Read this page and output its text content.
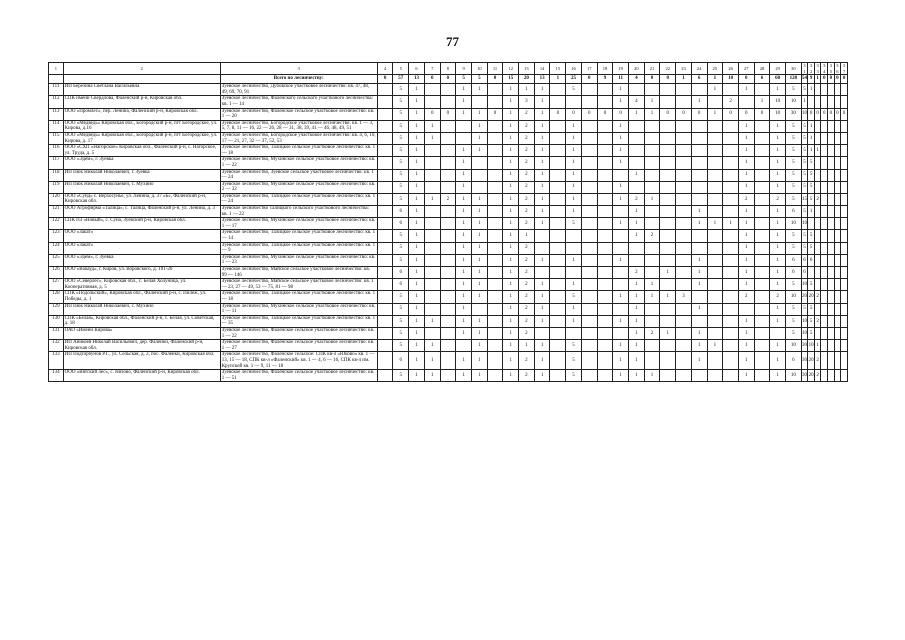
77
1	2	3	4	5	6	7	8	9	10	11	12	13	14	15	16	17	18	19	20	21	22	23	24	25	26	27	28	29	30	31	32	33	34	35	36	37
		Всего по лесничеству:	0	57	13	0	0	5	5	0	15	20	13	1	25	0	9	11	4	0	0	1	6	1	10	0	6	60	120	54	9	1	0	0	0	0
111	ИП Березина Светлана Васильевна	Зуевское лесничество, Дубовское участковое лесничество: кв. 47, 48, 49, 69, 70, 91		5	1			1	1		1	1	1		5			1						1		1		1	5	5	1					
112	СПК имени Свердлова, Фаленский р-н, Кировская обл.	Зуевское лесничество, Фаленского сельского участкового лесничества: кв. 1 — 14		5	1			1			1	3	1					1	4	1			1		2		1	10	10	1						
113	ООО «Промлес», пер. Ленина, Фаленский р-н, Кировская обл.	Зуевское лесничество, Фаленское сельское участковое лесничество: кв. 1 — 20		5	1	0	0	1	1	0	1	2	1	0	0	0	0	0	1	1	0	0	0	1	0	0	0	10	30	10	0	0	0	0	0	0
114	ООО «Медведь» Кировская обл., Богородский р-н, пгт Богородское, ул. Кирова, д.16	Зуевское лесничество, Богородское участковое лесничество: кв. 1 — 3, 5, 7, 8, 11 — 16, 22 — 26, 28 — 31, 38, 39, 41 — 46, 48, 49, 51		5	1	1			1		1	2	1		1			1								1		1	5	5	1					
115	ООО «Медведь» Кировская обл., Богородский р-н, пгт Богородское, ул. Кирова, д. 17	Зуевское лесничество, Богородское участковое лесничество: кв. 4, 6, 10, 17 — 21, 27, 32 — 37, 52, 53		5	1	1			1		1	2	1		1			1								1		1	5	5	1					
116	ООО «СХП «Нагорское» Кировская обл., Фаленский р-н, с. Нагорское, ул. Труда, д. 5	Зуевское лесничество, Талицкое сельское участковое лесничество: кв. 1 — 18		5	1			1	1		1	2	1		1			1								1		1	5	5	1	1				
117	ООО «Эдем», г. Зуевка	Зуевское лесничество, Мухинское сельское участковое лесничество: кв. 1 — 22		5	1			1			1	2	1		1			1								1		1	5	5	5					
118	ИП Пюк Николай Николаевич, г. Зуевка	Зуевское лесничество, Зуевское сельское участковое лесничество: кв. 1 — 24		5	1			1			1	2	1		1				1							1		1	5	5	5					
119	ИП Пюк Николай Николаевич, с. Мухино	Зуевское лесничество, Мухинское сельское участковое лесничество: кв. 2 — 32		5	1			1			1	2	1		1			1								1		1	5	5	5					
120	ООО «Сунд» с. Верхосунье, ул. Ленина, д. 37 «Б», Фаленский р-н, Кировская обл.	Зуевское лесничество, Талицкое сельское участковое лесничество: кв. 1 — 24		5	1	1	2	1	1		1	2	1		1			1	2	1						2		2	5	15	5	2				
121	ООО Агрофирма «Талица», с. Талица, Фаленский р-н, ул. Ленина, д. 3	Зуевское лесничество Талицкого сельского участкового лесничества: кв. 1 — 22		6	1			1	1		1	2	1		1				1				1			1		1	6	5	1					
122	СПК П3 «Новый», с. Суна, Зуевский р-н, Кировская обл.	Зуевское лесничество, Мухинское сельское участковое лесничество: кв. 1 — 17		6	1			1	1		1	2	1		5			1	1				1	1	1	1		1	10	10						
123	ООО «Закат»	Зуевское лесничество, Талицкое сельское участковое лесничество: кв. 1 — 14		5	1			1	1		1	1							1	2						1		1	5	5	5					
124	ООО «Закат»	Зуевское лесничество, Талицкое сельское участковое лесничество: кв. 1 — 9		5	1			1	1		1	2														1		1	5	5	5					
125	ООО «Эдем», г. Зуевка	Зуевское лесничество, Мухинское сельское участковое лесничество: кв. 1 — 23		5	1			1	1		1	2	1		1			1					1			1		1	6	6	6					
126	ООО «Вовауд», г. Киров, ул. Воровского, д. 101-20	Зуевское лесничество, Майское сельское участковое лесничество: кв. 99 — 146		6	1			1	1		1	2							2		1		1			1		1	6	6						
127	ООО «Северлес», Кировская обл., с. Белая Холуница, ул. Кооперативная, д. 5	Зуевское лесничество, Майское сельское участковое лесничество: кв. 1 — 23, 27 — 49, 53 — 75, 81 — 98		6	1			1	1		1	2	1		1				1	1			1			1		1	5	10	5					
128	СПК «Подольский», Кировская обл., Фаленский р-н, с. Пилеж, ул. Победы, д. 1	Зуевское лесничество, Талицкое сельское участковое лесничество: кв. 1 — 18		5	1			1	1		1	2	1		5			1	1	1	1	3				2		2	10	20	20	2				
129	ИП Пюк Николай Николаевич, с. Мухино	Зуевское лесничество, Мухинское сельское участковое лесничество: кв. 1 — 11		5	1			1			1	2	1		1				1				1					1	5	5	5					
130	СПК «Белая», Кировская обл., Фаленский р-н, с. Белая, ул. Советская, д. 18	Зуевское лесничество, Талицкое сельское участковое лесничество: кв. 1 — 35		5	1	1		1	1		1	2	1		1			1	1							1		1	5	10	5	2				
131	ОАО «Имени Кирова»	Зуевское лесничество, Фаленское сельское участковое лесничество: кв. 1 — 22		5	1			1	1		1	2							1	2	1		1			1			5	10	5					
132	ИП Аникеев Николай Васильевич, дер. Фалёнки, Фаленский р-н, Кировская обл.	Зуевское лесничество, Фаленское сельское участковое лесничество: кв. 1 — 27		5	1	1			1		1	1	1		5			1	1				1	1		1		1	10	30	10	1				
133	ИП Подгорбунов Р.Г., ул. Сельская, д. 2, пос. Фаленки, Кировская обл.	Зуевское лесничество, Фаленское сельское: СПК кв-л «Юково» кв. 1 — 13, 15 — 18, СПК кв-л «Фаленский» кв. 1 — 4, 6 — 16, СПК кв-л им. Крупской кв. 1 — 9, 11 — 18		6	1	1		1	1		1	2	1		5			1	1				1			1		1	6	30	20	2				
134	ООО «Вятский лес», с. Низово, Фаленский р-н, Кировская обл.	Зуевское лесничество, Фаленское сельское участковое лесничество: кв. 1 — 51		5	1	1		1	1		1	2	1		5			1	1	1						1		1	10	30	20	2				
